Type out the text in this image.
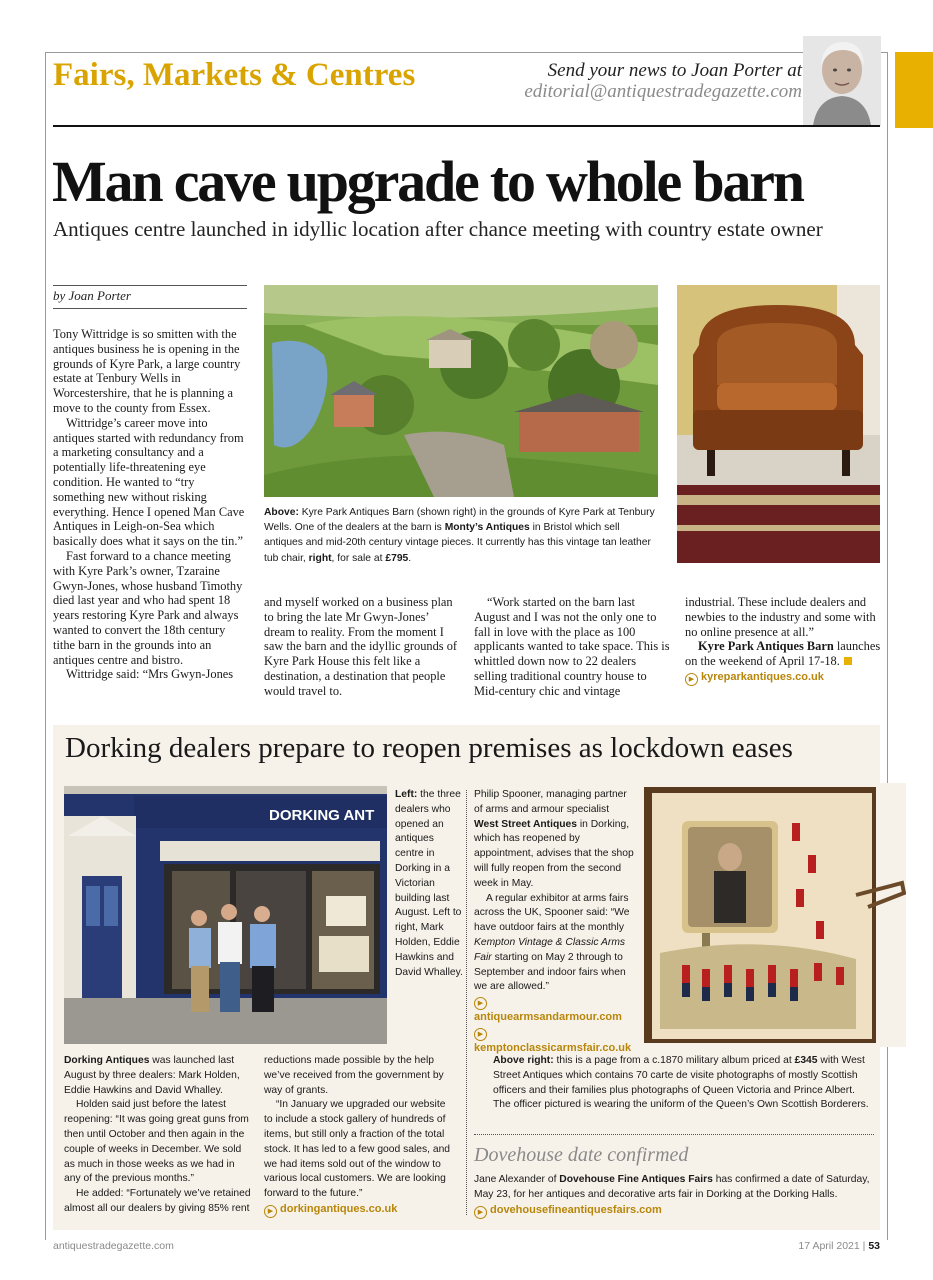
Fairs, Markets & Centres	Send your news to Joan Porter at
editorial@antiquestradegazette.com
Man cave upgrade to whole barn
Antiques centre launched in idyllic location after chance meeting with country estate owner
by Joan Porter

Tony Wittridge is so smitten with the antiques business he is opening in the grounds of Kyre Park, a large country estate at Tenbury Wells in Worcestershire, that he is planning a move to the county from Essex.

Wittridge’s career move into antiques started with redundancy from a marketing consultancy and a potentially life-threatening eye condition. He wanted to “try something new without risking everything. Hence I opened Man Cave Antiques in Leigh-on-Sea which basically does what it says on the tin.”

Fast forward to a chance meeting with Kyre Park’s owner, Tzaraine Gwyn-Jones, whose husband Timothy died last year and who had spent 18 years restoring Kyre Park and always wanted to convert the 18th century tithe barn in the grounds into an antiques centre and bistro.

Wittridge said: “Mrs Gwyn-Jones

and myself worked on a business plan to bring the late Mr Gwyn-Jones’ dream to reality. From the moment I saw the barn and the idyllic grounds of Kyre Park House this felt like a destination, a destination that people would travel to.

“Work started on the barn last August and I was not the only one to fall in love with the place as 100 applicants wanted to take space. This is whittled down now to 22 dealers selling traditional country house to Mid-century chic and vintage

industrial. These include dealers and newbies to the industry and some with no online presence at all.”

Kyre Park Antiques Barn launches on the weekend of April 17-18.

▶ kyreparkantiques.co.uk
Above: Kyre Park Antiques Barn (shown right) in the grounds of Kyre Park at Tenbury Wells. One of the dealers at the barn is Monty’s Antiques in Bristol which sell antiques and mid-20th century vintage pieces. It currently has this vintage tan leather tub chair, right, for sale at £795.
Dorking dealers prepare to reopen premises as lockdown eases
DORKING ANT
Left: the three dealers who opened an antiques centre in Dorking in a Victorian building last August. Left to right, Mark Holden, Eddie Hawkins and David Whalley.

Philip Spooner, managing partner of arms and armour specialist West Street Antiques in Dorking, which has reopened by appointment, advises that the shop will fully reopen from the second week in May.

A regular exhibitor at arms fairs across the UK, Spooner said: “We have outdoor fairs at the monthly Kempton Vintage & Classic Arms Fair starting on May 2 through to September and indoor fairs when we are allowed.”

▶antiquearmsandarmour.com
▶kemptonclassicarmsfair.co.uk

Dorking Antiques was launched last August by three dealers: Mark Holden, Eddie Hawkins and David Whalley.

Holden said just before the latest reopening: “It was going great guns from then until October and then again in the couple of weeks in December. We sold as much in those weeks as we had in any of the previous months.”

He added: “Fortunately we’ve retained almost all our dealers by giving 85% rent

reductions made possible by the help we’ve received from the government by way of grants.

“In January we upgraded our website to include a stock gallery of hundreds of items, but still only a fraction of the total stock. It has led to a few good sales, and we had items sold out of the window to various local customers. We are looking forward to the future.”

▶ dorkingantiques.co.uk
Above right: this is a page from a c.1870 military album priced at £345 with West Street Antiques which contains 70 carte de visite photographs of mostly Scottish officers and their families plus photographs of Queen Victoria and Prince Albert. The officer pictured is wearing the uniform of the Queen’s Own Scottish Borderers.
Dovehouse date confirmed

Jane Alexander of Dovehouse Fine Antiques Fairs has confirmed a date of Saturday, May 23, for her antiques and decorative arts fair in Dorking at the Dorking Halls.

▶ dovehousefineantiquesfairs.com
antiquestradegazette.com	17 April 2021 | 53
